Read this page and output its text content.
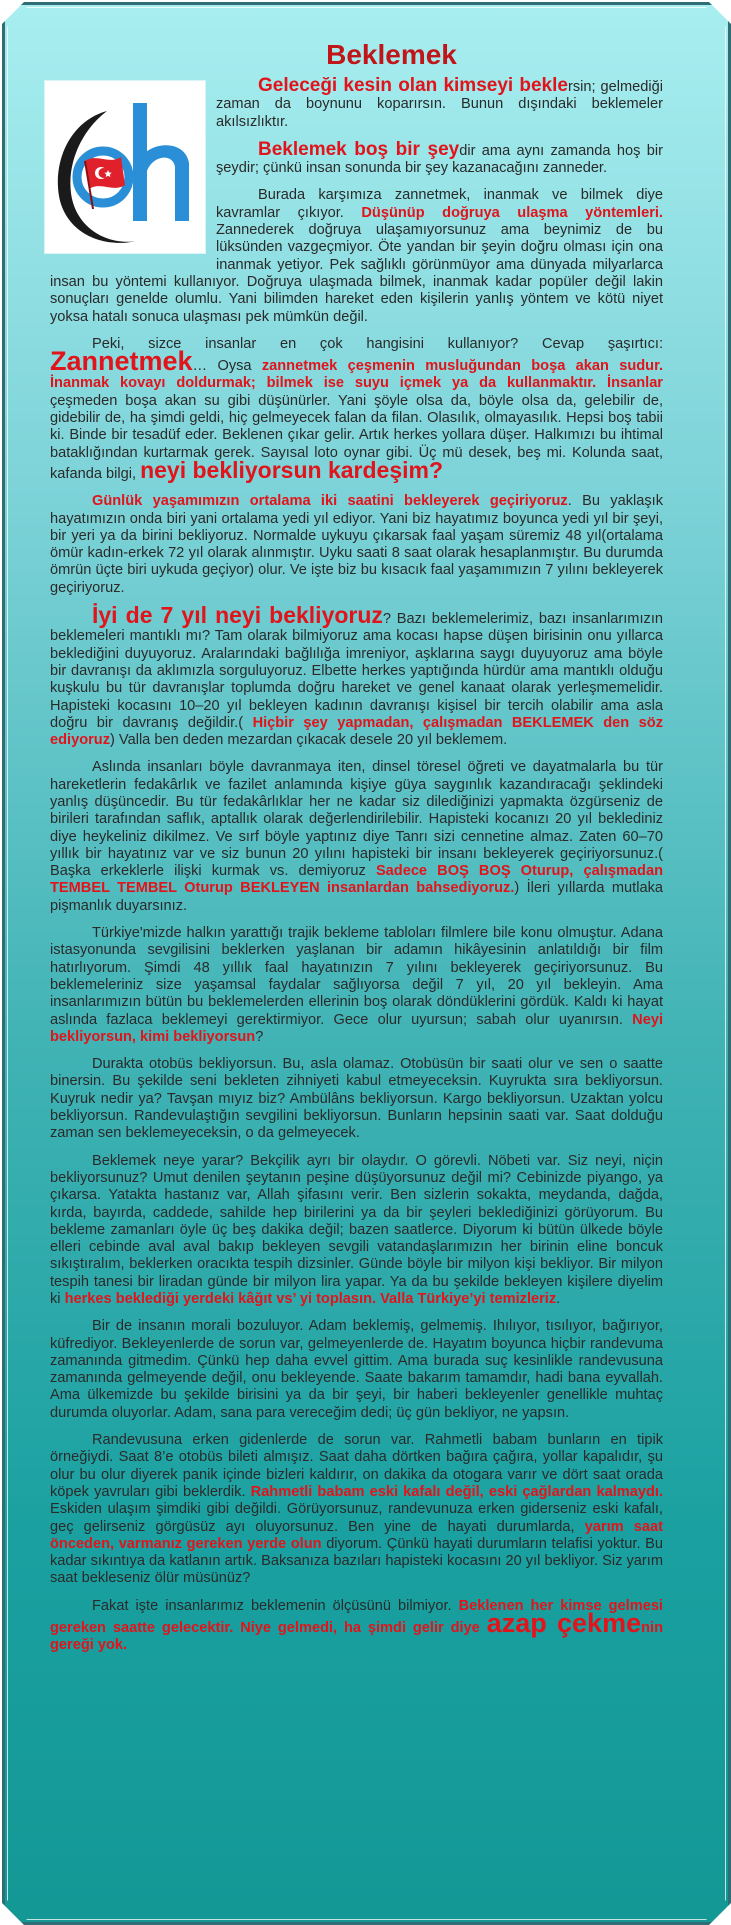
Beklemek

Geleceği kesin olan kimseyi beklersin; gelmediği zaman da boynunu koparırsın. Bunun dışındaki beklemeler akılsızlıktır.

Beklemek boş bir şeydir ama aynı zamanda hoş bir şeydir; çünkü insan sonunda bir şey kazanacağını zanneder.

Burada karşımıza zannetmek, inanmak ve bilmek diye kavramlar çıkıyor. Düşünüp doğruya ulaşma yöntemleri. Zannederek doğruya ulaşamıyorsunuz ama beynimiz de bu lüksünden vazgeçmiyor. Öte yandan bir şeyin doğru olması için ona inanmak yetiyor. Pek sağlıklı görünmüyor ama dünyada milyarlarca insan bu yöntemi kullanıyor. Doğruya ulaşmada bilmek, inanmak kadar popüler değil lakin sonuçları genelde olumlu. Yani bilimden hareket eden kişilerin yanlış yöntem ve kötü niyet yoksa hatalı sonuca ulaşması pek mümkün değil.

Peki, sizce insanlar en çok hangisini kullanıyor? Cevap şaşırtıcı: Zannetmek… Oysa zannetmek çeşmenin musluğundan boşa akan sudur. İnanmak kovayı doldurmak; bilmek ise suyu içmek ya da kullanmaktır. İnsanlar çeşmeden boşa akan su gibi düşünürler. Yani şöyle olsa da, böyle olsa da, gelebilir de, gidebilir de, ha şimdi geldi, hiç gelmeyecek falan da filan. Olasılık, olmayasılık. Hepsi boş tabii ki. Binde bir tesadüf eder. Beklenen çıkar gelir. Artık herkes yollara düşer. Halkımızı bu ihtimal bataklığından kurtarmak gerek. Sayısal loto oynar gibi. Üç mü desek, beş mi. Kolunda saat, kafanda bilgi, neyi bekliyorsun kardeşim?

Günlük yaşamımızın ortalama iki saatini bekleyerek geçiriyoruz. Bu yaklaşık hayatımızın onda biri yani ortalama yedi yıl ediyor. Yani biz hayatımız boyunca yedi yıl bir şeyi, bir yeri ya da birini bekliyoruz. Normalde uykuyu çıkarsak faal yaşam süremiz 48 yıl(ortalama ömür kadın-erkek 72 yıl olarak alınmıştır. Uyku saati 8 saat olarak hesaplanmıştır. Bu durumda ömrün üçte biri uykuda geçiyor) olur. Ve işte biz bu kısacık faal yaşamımızın 7 yılını bekleyerek geçiriyoruz.

İyi de 7 yıl neyi bekliyoruz? Bazı beklemelerimiz, bazı insanlarımızın beklemeleri mantıklı mı? Tam olarak bilmiyoruz ama kocası hapse düşen birisinin onu yıllarca beklediğini duyuyoruz. Aralarındaki bağlılığa imreniyor, aşklarına saygı duyuyoruz ama böyle bir davranışı da aklımızla sorguluyoruz. Elbette herkes yaptığında hürdür ama mantıklı olduğu kuşkulu bu tür davranışlar toplumda doğru hareket ve genel kanaat olarak yerleşmemelidir. Hapisteki kocasını 10–20 yıl bekleyen kadının davranışı kişisel bir tercih olabilir ama asla doğru bir davranış değildir.( Hiçbir şey yapmadan, çalışmadan BEKLEMEK den söz ediyoruz) Valla ben deden mezardan çıkacak desele 20 yıl beklemem.

Aslında insanları böyle davranmaya iten, dinsel töresel öğreti ve dayatmalarla bu tür hareketlerin fedakârlık ve fazilet anlamında kişiye güya saygınlık kazandıracağı şeklindeki yanlış düşüncedir. Bu tür fedakârlıklar her ne kadar siz dilediğinizi yapmakta özgürseniz de birileri tarafından saflık, aptallık olarak değerlendirilebilir. Hapisteki kocanızı 20 yıl beklediniz diye heykeliniz dikilmez. Ve sırf böyle yaptınız diye Tanrı sizi cennetine almaz. Zaten 60–70 yıllık bir hayatınız var ve siz bunun 20 yılını hapisteki bir insanı bekleyerek geçiriyorsunuz.( Başka erkeklerle ilişki kurmak vs. demiyoruz Sadece BOŞ BOŞ Oturup, çalışmadan TEMBEL TEMBEL Oturup BEKLEYEN insanlardan bahsediyoruz.) İleri yıllarda mutlaka pişmanlık duyarsınız.

Türkiye'mizde halkın yarattığı trajik bekleme tabloları filmlere bile konu olmuştur. Adana istasyonunda sevgilisini beklerken yaşlanan bir adamın hikâyesinin anlatıldığı bir film hatırlıyorum. Şimdi 48 yıllık faal hayatınızın 7 yılını bekleyerek geçiriyorsunuz. Bu beklemeleriniz size yaşamsal faydalar sağlıyorsa değil 7 yıl, 20 yıl bekleyin. Ama insanlarımızın bütün bu beklemelerden ellerinin boş olarak döndüklerini gördük. Kaldı ki hayat aslında fazlaca beklemeyi gerektirmiyor. Gece olur uyursun; sabah olur uyanırsın. Neyi bekliyorsun, kimi bekliyorsun?

Durakta otobüs bekliyorsun. Bu, asla olamaz. Otobüsün bir saati olur ve sen o saatte binersin. Bu şekilde seni bekleten zihniyeti kabul etmeyeceksin. Kuyrukta sıra bekliyorsun. Kuyruk nedir ya? Tavşan mıyız biz? Ambülâns bekliyorsun. Kargo bekliyorsun. Uzaktan yolcu bekliyorsun. Randevulaştığın sevgilini bekliyorsun. Bunların hepsinin saati var. Saat dolduğu zaman sen beklemeyeceksin, o da gelmeyecek.

Beklemek neye yarar? Bekçilik ayrı bir olaydır. O görevli. Nöbeti var. Siz neyi, niçin bekliyorsunuz? Umut denilen şeytanın peşine düşüyorsunuz değil mi? Cebinizde piyango, ya çıkarsa. Yatakta hastanız var, Allah şifasını verir. Ben sizlerin sokakta, meydanda, dağda, kırda, bayırda, caddede, sahilde hep birilerini ya da bir şeyleri beklediğinizi görüyorum. Bu bekleme zamanları öyle üç beş dakika değil; bazen saatlerce. Diyorum ki bütün ülkede böyle elleri cebinde aval aval bakıp bekleyen sevgili vatandaşlarımızın her birinin eline boncuk sıkıştıralım, beklerken oracıkta tespih dizsinler. Günde böyle bir milyon kişi bekliyor. Bir milyon tespih tanesi bir liradan günde bir milyon lira yapar. Ya da bu şekilde bekleyen kişilere diyelim ki herkes beklediği yerdeki kâğıt vs’ yi toplasın. Valla Türkiye’yi temizleriz.

Bir de insanın morali bozuluyor. Adam beklemiş, gelmemiş. Ihılıyor, tısılıyor, bağırıyor, küfrediyor. Bekleyenlerde de sorun var, gelmeyenlerde de. Hayatım boyunca hiçbir randevuma zamanında gitmedim. Çünkü hep daha evvel gittim. Ama burada suç kesinlikle randevusuna zamanında gelmeyende değil, onu bekleyende. Saate bakarım tamamdır, hadi bana eyvallah. Ama ülkemizde bu şekilde birisini ya da bir şeyi, bir haberi bekleyenler genellikle muhtaç durumda oluyorlar. Adam, sana para vereceğim dedi; üç gün bekliyor, ne yapsın.

Randevusuna erken gidenlerde de sorun var. Rahmetli babam bunların en tipik örneğiydi. Saat 8’e otobüs bileti almışız. Saat daha dörtken bağıra çağıra, yollar kapalıdır, şu olur bu olur diyerek panik içinde bizleri kaldırır, on dakika da otogara varır ve dört saat orada köpek yavruları gibi beklerdik. Rahmetli babam eski kafalı değil, eski çağlardan kalmaydı. Eskiden ulaşım şimdiki gibi değildi. Görüyorsunuz, randevunuza erken giderseniz eski kafalı, geç gelirseniz görgüsüz ayı oluyorsunuz. Ben yine de hayati durumlarda, yarım saat önceden, varmanız gereken yerde olun diyorum. Çünkü hayati durumların telafisi yoktur. Bu kadar sıkıntıya da katlanın artık. Baksanıza bazıları hapisteki kocasını 20 yıl bekliyor. Siz yarım saat bekleseniz ölür müsünüz?

Fakat işte insanlarımız beklemenin ölçüsünü bilmiyor. Beklenen her kimse gelmesi gereken saatte gelecektir. Niye gelmedi, ha şimdi gelir diye azap çekmenin gereği yok.
